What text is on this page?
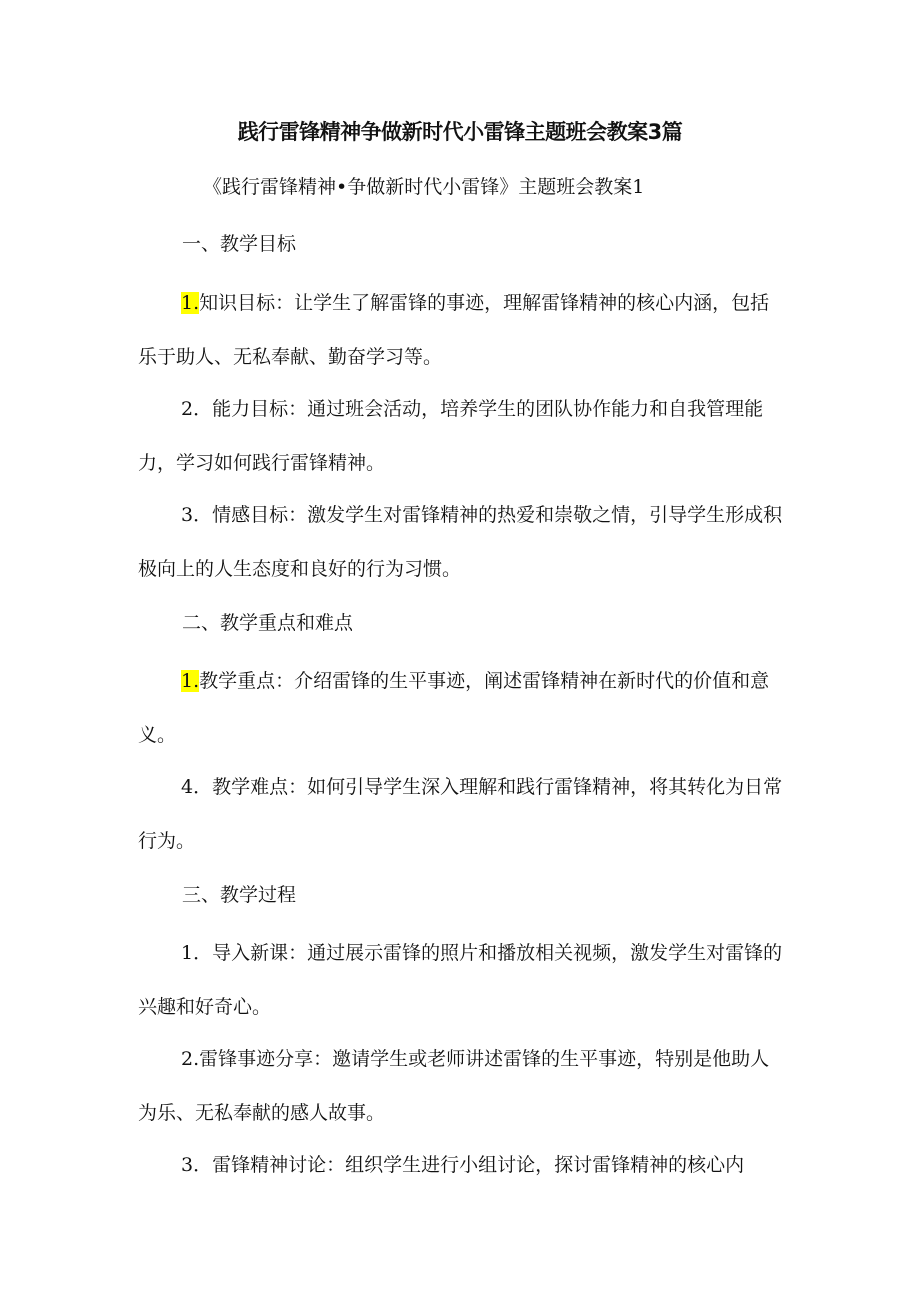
践行雷锋精神争做新时代小雷锋主题班会教案3篇

《践行雷锋精神•争做新时代小雷锋》主题班会教案1

一、教学目标

1.知识目标：让学生了解雷锋的事迹，理解雷锋精神的核心内涵，包括乐于助人、无私奉献、勤奋学习等。

2．能力目标：通过班会活动，培养学生的团队协作能力和自我管理能力，学习如何践行雷锋精神。

3．情感目标：激发学生对雷锋精神的热爱和崇敬之情，引导学生形成积极向上的人生态度和良好的行为习惯。

二、教学重点和难点

1.教学重点：介绍雷锋的生平事迹，阐述雷锋精神在新时代的价值和意义。

4．教学难点：如何引导学生深入理解和践行雷锋精神，将其转化为日常行为。

三、教学过程

1．导入新课：通过展示雷锋的照片和播放相关视频，激发学生对雷锋的兴趣和好奇心。

2.雷锋事迹分享：邀请学生或老师讲述雷锋的生平事迹，特别是他助人为乐、无私奉献的感人故事。

3．雷锋精神讨论：组织学生进行小组讨论，探讨雷锋精神的核心内
